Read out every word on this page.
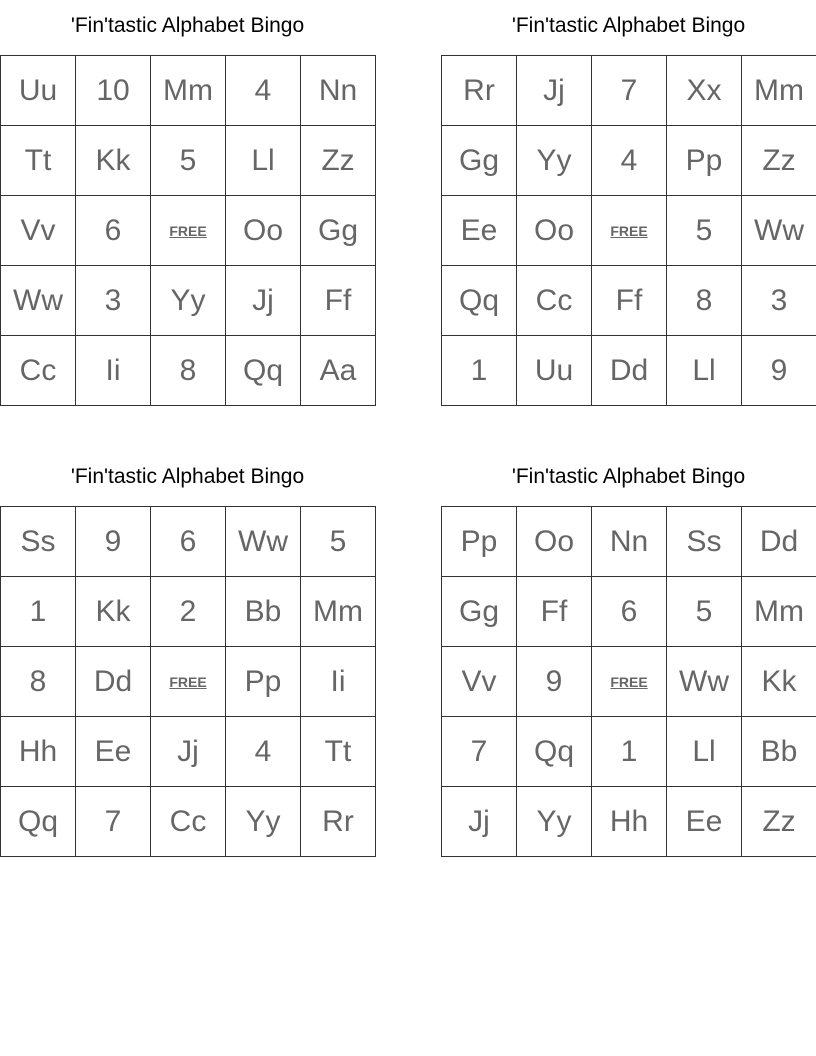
'Fin'tastic Alphabet Bingo
Uu	10	Mm	4	Nn
Tt	Kk	5	Ll	Zz
Vv	6	FREE	Oo	Gg
Ww	3	Yy	Jj	Ff
Cc	Ii	8	Qq	Aa
'Fin'tastic Alphabet Bingo
Rr	Jj	7	Xx	Mm
Gg	Yy	4	Pp	Zz
Ee	Oo	FREE	5	Ww
Qq	Cc	Ff	8	3
1	Uu	Dd	Ll	9
'Fin'tastic Alphabet Bingo
Ss	9	6	Ww	5
1	Kk	2	Bb	Mm
8	Dd	FREE	Pp	Ii
Hh	Ee	Jj	4	Tt
Qq	7	Cc	Yy	Rr
'Fin'tastic Alphabet Bingo
Pp	Oo	Nn	Ss	Dd
Gg	Ff	6	5	Mm
Vv	9	FREE	Ww	Kk
7	Qq	1	Ll	Bb
Jj	Yy	Hh	Ee	Zz
